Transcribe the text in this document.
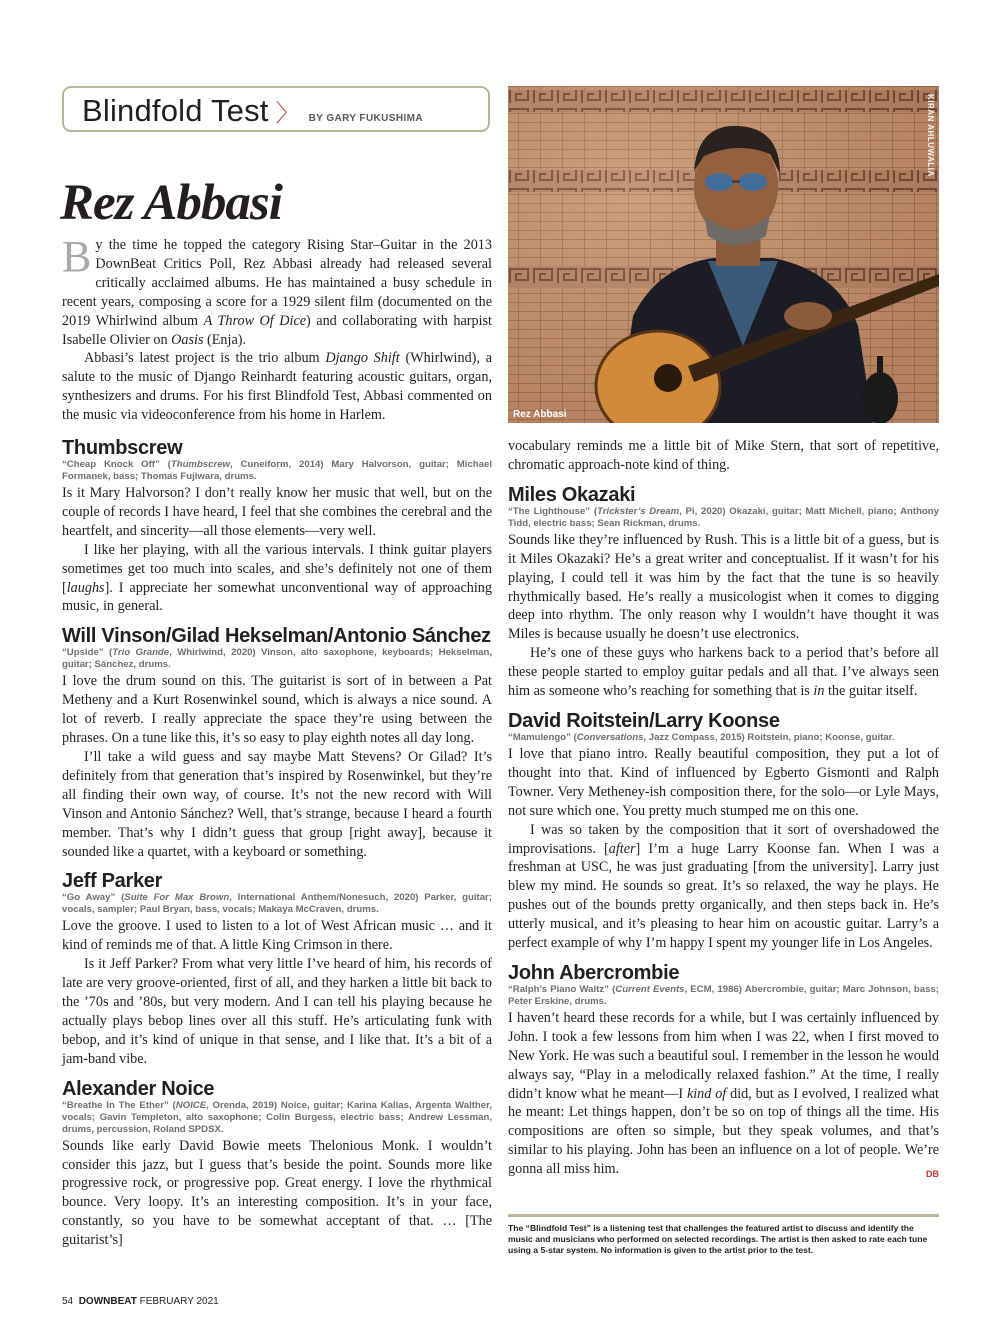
Blindfold Test 〉 BY GARY FUKUSHIMA	KIRAN AHLUWALIA
Rez Abbasi
Rez Abbasi

By the time he topped the category Rising Star–Guitar in the 2013 DownBeat Critics Poll, Rez Abbasi already had released several critically acclaimed albums. He has maintained a busy schedule in recent years, composing a score for a 1929 silent film (documented on the 2019 Whirlwind album A Throw Of Dice) and collaborating with harpist Isabelle Olivier on Oasis (Enja).

Abbasi’s latest project is the trio album Django Shift (Whirlwind), a salute to the music of Django Reinhardt featuring acoustic guitars, organ, synthesizers and drums. For his first Blindfold Test, Abbasi commented on the music via videoconference from his home in Harlem.

Thumbscrew
“Cheap Knock Off” (Thumbscrew, Cuneiform, 2014) Mary Halvorson, guitar; Michael Formanek, bass; Thomas Fujiwara, drums.

Is it Mary Halvorson? I don’t really know her music that well, but on the couple of records I have heard, I feel that she combines the cerebral and the heartfelt, and sincerity—all those elements—very well.

I like her playing, with all the various intervals. I think guitar players sometimes get too much into scales, and she’s definitely not one of them [laughs]. I appreciate her somewhat unconventional way of approaching music, in general.

Will Vinson/Gilad Hekselman/Antonio Sánchez
“Upside” (Trio Grande, Whirlwind, 2020) Vinson, alto saxophone, keyboards; Hekselman, guitar; Sánchez, drums.

I love the drum sound on this. The guitarist is sort of in between a Pat Metheny and a Kurt Rosenwinkel sound, which is always a nice sound. A lot of reverb. I really appreciate the space they’re using between the phrases. On a tune like this, it’s so easy to play eighth notes all day long.

I’ll take a wild guess and say maybe Matt Stevens? Or Gilad? It’s definitely from that generation that’s inspired by Rosenwinkel, but they’re all finding their own way, of course. It’s not the new record with Will Vinson and Antonio Sánchez? Well, that’s strange, because I heard a fourth member. That’s why I didn’t guess that group [right away], because it sounded like a quartet, with a keyboard or something.

Jeff Parker
“Go Away” (Suite For Max Brown, International Anthem/Nonesuch, 2020) Parker, guitar; vocals, sampler; Paul Bryan, bass, vocals; Makaya McCraven, drums.

Love the groove. I used to listen to a lot of West African music … and it kind of reminds me of that. A little King Crimson in there.

Is it Jeff Parker? From what very little I’ve heard of him, his records of late are very groove-oriented, first of all, and they harken a little bit back to the ’70s and ’80s, but very modern. And I can tell his playing because he actually plays bebop lines over all this stuff. He’s articulating funk with bebop, and it’s kind of unique in that sense, and I like that. It’s a bit of a jam-band vibe.

Alexander Noice
“Breathe In The Ether” (NOICE, Orenda, 2019) Noice, guitar; Karina Kallas, Argenta Walther, vocals; Gavin Templeton, alto saxophone; Colin Burgess, electric bass; Andrew Lessman, drums, percussion, Roland SPDSX.

Sounds like early David Bowie meets Thelonious Monk. I wouldn’t consider this jazz, but I guess that’s beside the point. Sounds more like progressive rock, or progressive pop. Great energy. I love the rhythmical bounce. Very loopy. It’s an interesting composition. It’s in your face, constantly, so you have to be somewhat acceptant of that. … [The guitarist’s]

vocabulary reminds me a little bit of Mike Stern, that sort of repetitive, chromatic approach-note kind of thing.

Miles Okazaki
“The Lighthouse” (Trickster’s Dream, Pi, 2020) Okazaki, guitar; Matt Michell, piano; Anthony Tidd, electric bass; Sean Rickman, drums.

Sounds like they’re influenced by Rush. This is a little bit of a guess, but is it Miles Okazaki? He’s a great writer and conceptualist. If it wasn’t for his playing, I could tell it was him by the fact that the tune is so heavily rhythmically based. He’s really a musicologist when it comes to digging deep into rhythm. The only reason why I wouldn’t have thought it was Miles is because usually he doesn’t use electronics.

He’s one of these guys who harkens back to a period that’s before all these people started to employ guitar pedals and all that. I’ve always seen him as someone who’s reaching for something that is in the guitar itself.

David Roitstein/Larry Koonse
“Mamulengo” (Conversations, Jazz Compass, 2015) Roitstein, piano; Koonse, guitar.

I love that piano intro. Really beautiful composition, they put a lot of thought into that. Kind of influenced by Egberto Gismonti and Ralph Towner. Very Metheney-ish composition there, for the solo—or Lyle Mays, not sure which one. You pretty much stumped me on this one.

I was so taken by the composition that it sort of overshadowed the improvisations. [after] I’m a huge Larry Koonse fan. When I was a freshman at USC, he was just graduating [from the university]. Larry just blew my mind. He sounds so great. It’s so relaxed, the way he plays. He pushes out of the bounds pretty organically, and then steps back in. He’s utterly musical, and it’s pleasing to hear him on acoustic guitar. Larry’s a perfect example of why I’m happy I spent my younger life in Los Angeles.

John Abercrombie
“Ralph’s Piano Waltz” (Current Events, ECM, 1986) Abercrombie, guitar; Marc Johnson, bass; Peter Erskine, drums.

I haven’t heard these records for a while, but I was certainly influenced by John. I took a few lessons from him when I was 22, when I first moved to New York. He was such a beautiful soul. I remember in the lesson he would always say, “Play in a melodically relaxed fashion.” At the time, I really didn’t know what he meant—I kind of did, but as I evolved, I realized what he meant: Let things happen, don’t be so on top of things all the time. His compositions are often so simple, but they speak volumes, and that’s similar to his playing. John has been an influence on a lot of people. We’re gonna all miss him.	DB

The “Blindfold Test” is a listening test that challenges the featured artist to discuss and identify the music and musicians who performed on selected recordings. The artist is then asked to rate each tune using a 5-star system. No information is given to the artist prior to the test.
54 DOWNBEAT FEBRUARY 2021
